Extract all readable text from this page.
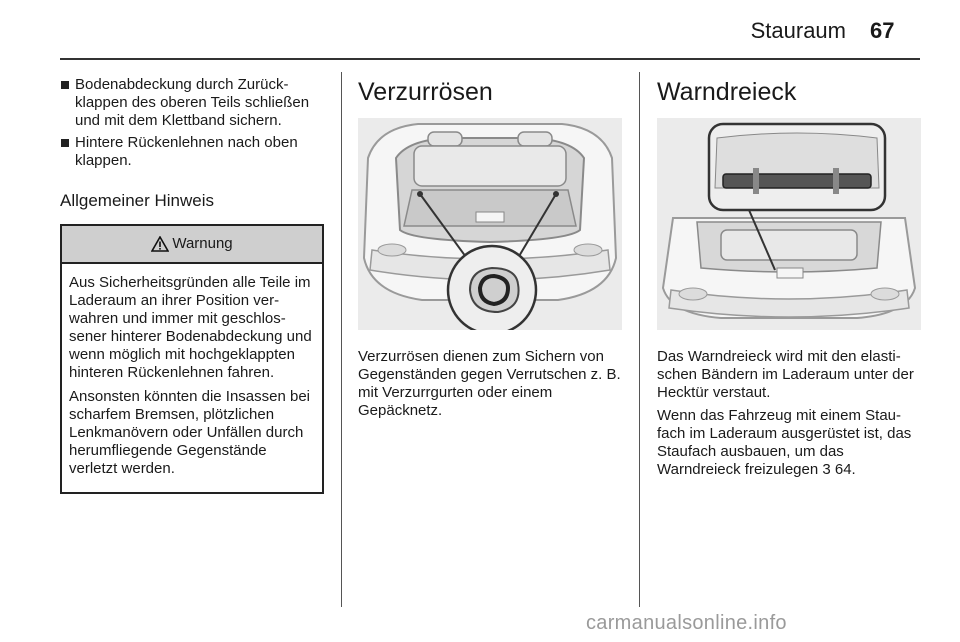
Stauraum 67
Bodenabdeckung durch Zurückklappen des oberen Teils schließen und mit dem Klettband sichern.
Hintere Rückenlehnen nach oben klappen.
Allgemeiner Hinweis
Warnung

Aus Sicherheitsgründen alle Teile im Laderaum an ihrer Position verwahren und immer mit geschlossener hinterer Bodenabdeckung und wenn möglich mit hochgeklappten hinteren Rückenlehnen fahren.

Ansonsten könnten die Insassen bei scharfem Bremsen, plötzlichen Lenkmanövern oder Unfällen durch herumfliegende Gegenstände verletzt werden.

Verzurrösen

Verzurrösen dienen zum Sichern von Gegenständen gegen Verrutschen z. B. mit Verzurrgurten oder einem Gepäcknetz.

Warndreieck

Das Warndreieck wird mit den elastischen Bändern im Laderaum unter der Hecktür verstaut.

Wenn das Fahrzeug mit einem Staufach im Laderaum ausgerüstet ist, das Staufach ausbauen, um das Warndreieck freizulegen 3 64.

carmanualsonline.info
